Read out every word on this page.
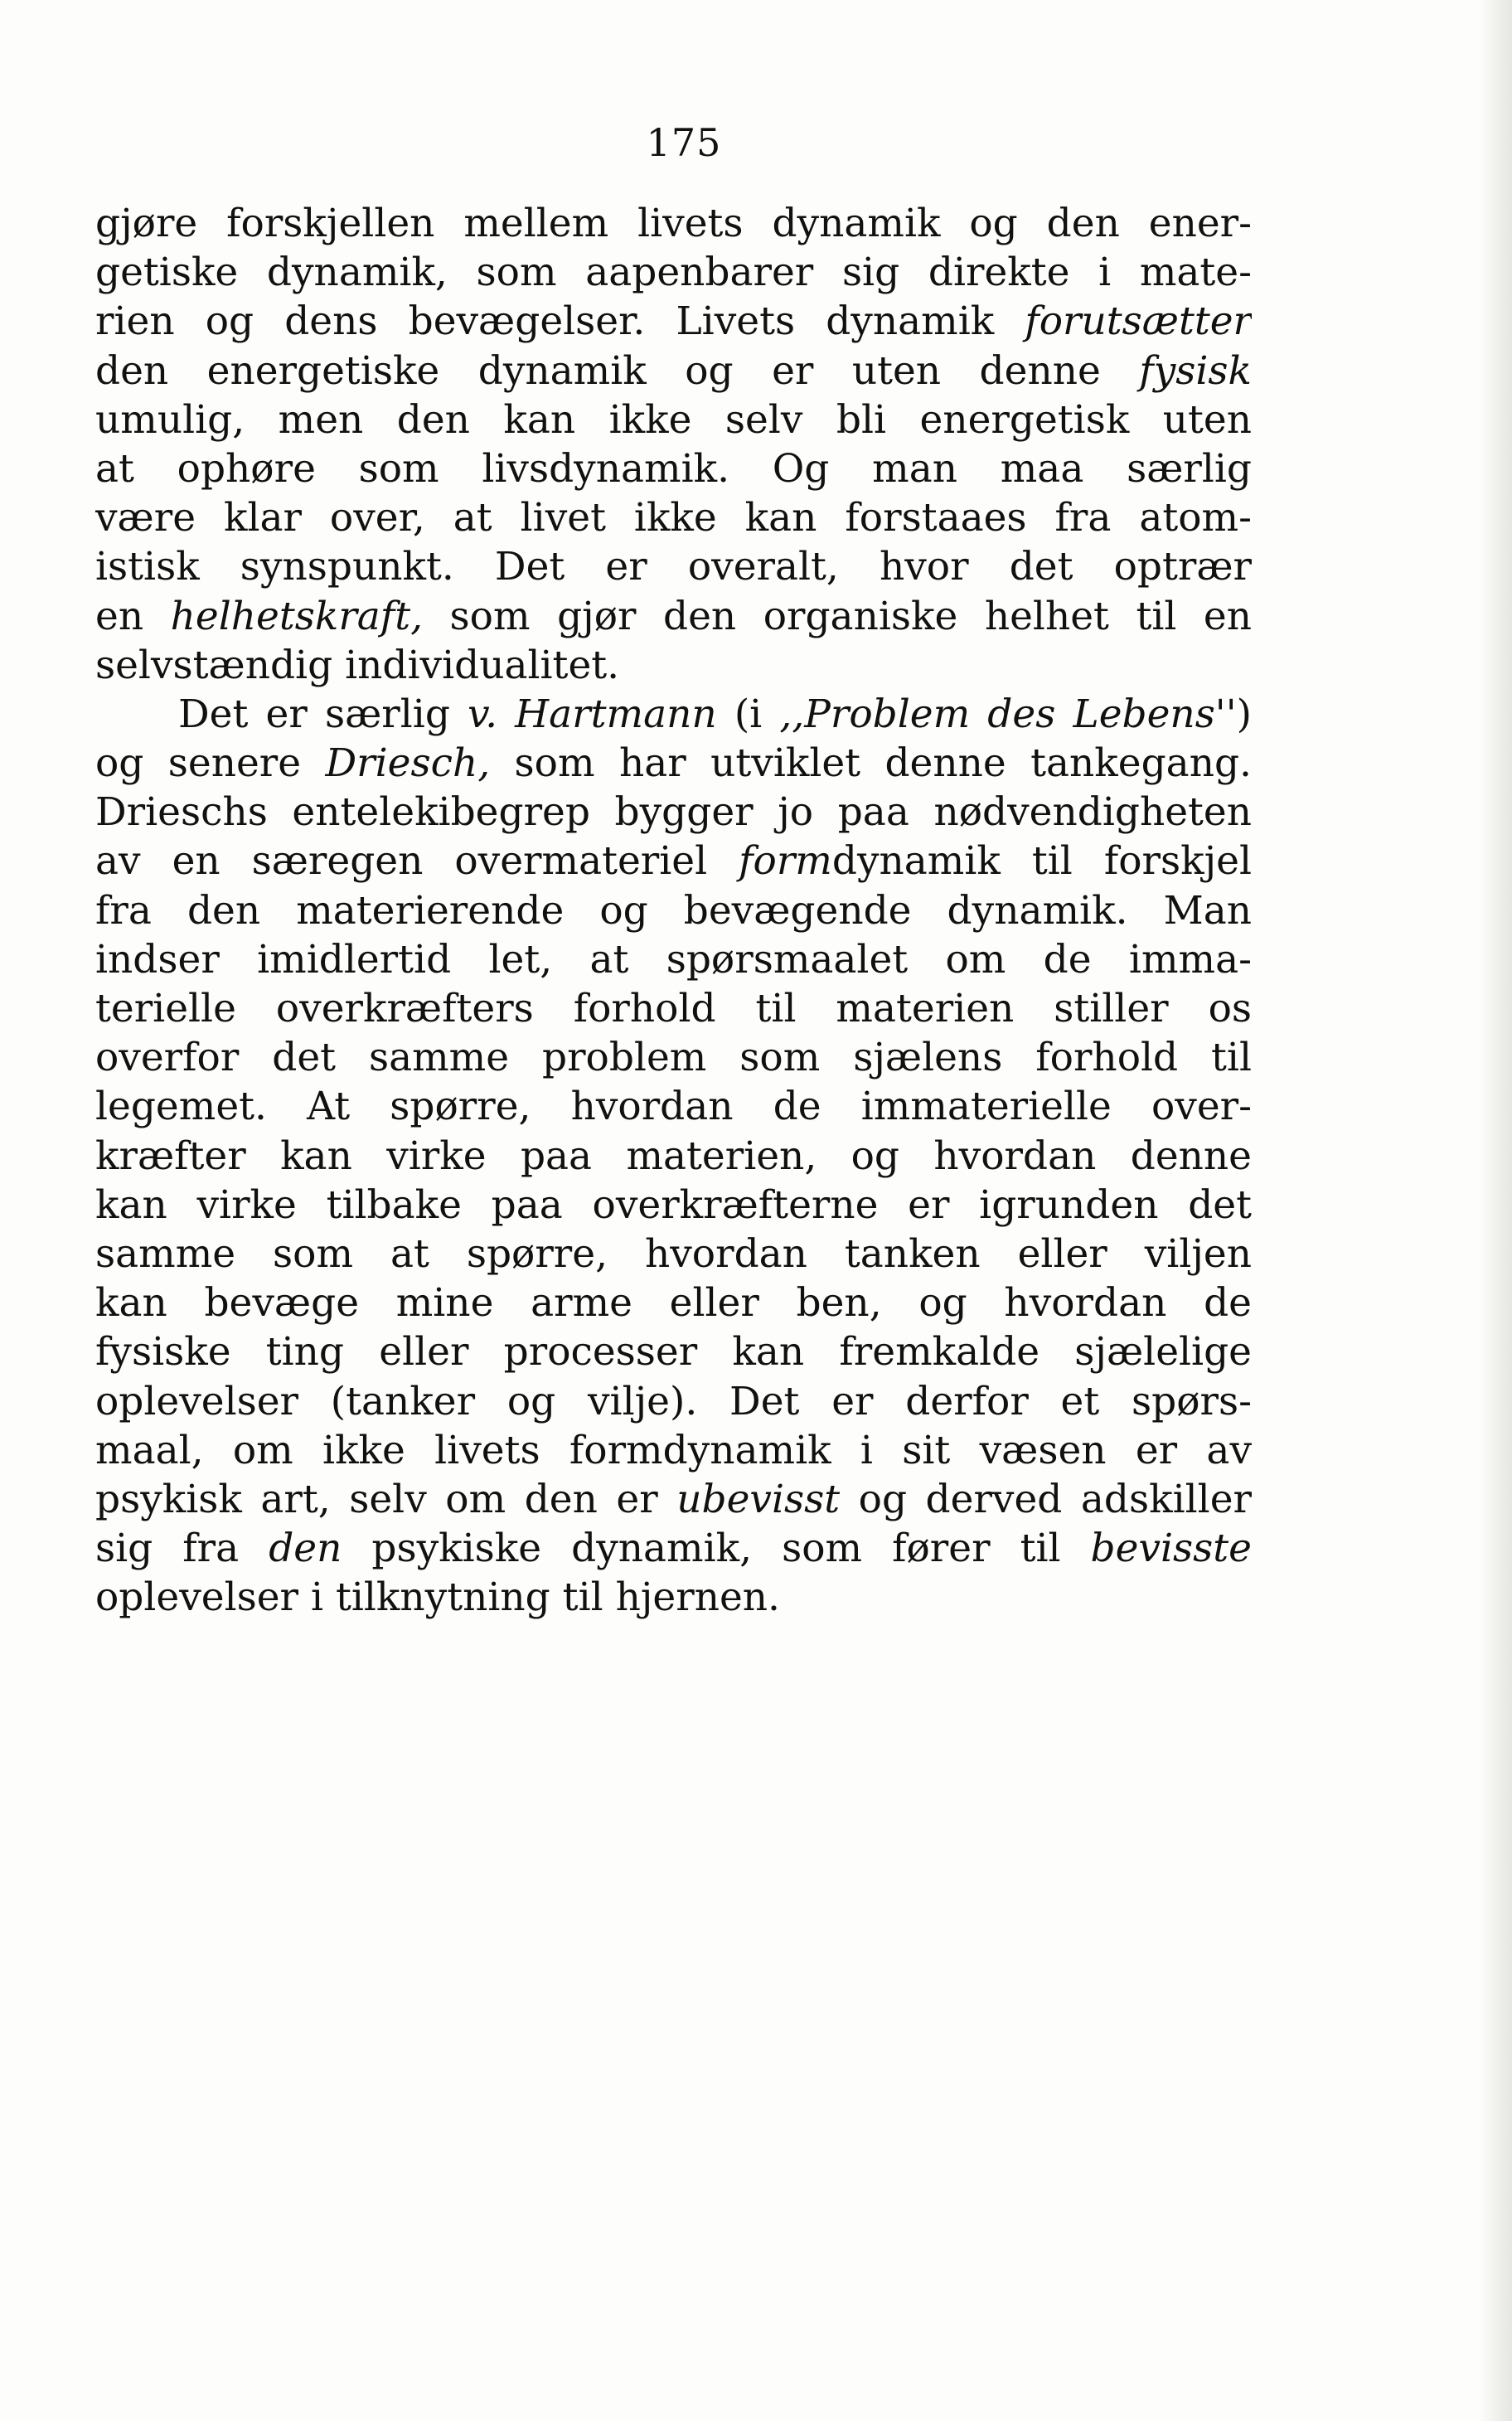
175
gjøre forskjellen mellem livets dynamik og den ener-
getiske dynamik, som aapenbarer sig direkte i mate-
rien og dens bevægelser. Livets dynamik forutsætter
den energetiske dynamik og er uten denne fysisk
umulig, men den kan ikke selv bli energetisk uten
at ophøre som livsdynamik. Og man maa særlig
være klar over, at livet ikke kan forstaaes fra atom-
istisk synspunkt. Det er overalt, hvor det optrær
en helhetskraft, som gjør den organiske helhet til en
selvstændig individualitet.
Det er særlig v. Hartmann (i ,,Problem des Lebens'')
og senere Driesch, som har utviklet denne tankegang.
Drieschs entelekibegrep bygger jo paa nødvendigheten
av en særegen overmateriel formdynamik til forskjel
fra den materierende og bevægende dynamik. Man
indser imidlertid let, at spørsmaalet om de imma-
terielle overkræfters forhold til materien stiller os
overfor det samme problem som sjælens forhold til
legemet. At spørre, hvordan de immaterielle over-
kræfter kan virke paa materien, og hvordan denne
kan virke tilbake paa overkræfterne er igrunden det
samme som at spørre, hvordan tanken eller viljen
kan bevæge mine arme eller ben, og hvordan de
fysiske ting eller processer kan fremkalde sjælelige
oplevelser (tanker og vilje). Det er derfor et spørs-
maal, om ikke livets formdynamik i sit væsen er av
psykisk art, selv om den er ubevisst og derved adskiller
sig fra den psykiske dynamik, som fører til bevisste
oplevelser i tilknytning til hjernen.
